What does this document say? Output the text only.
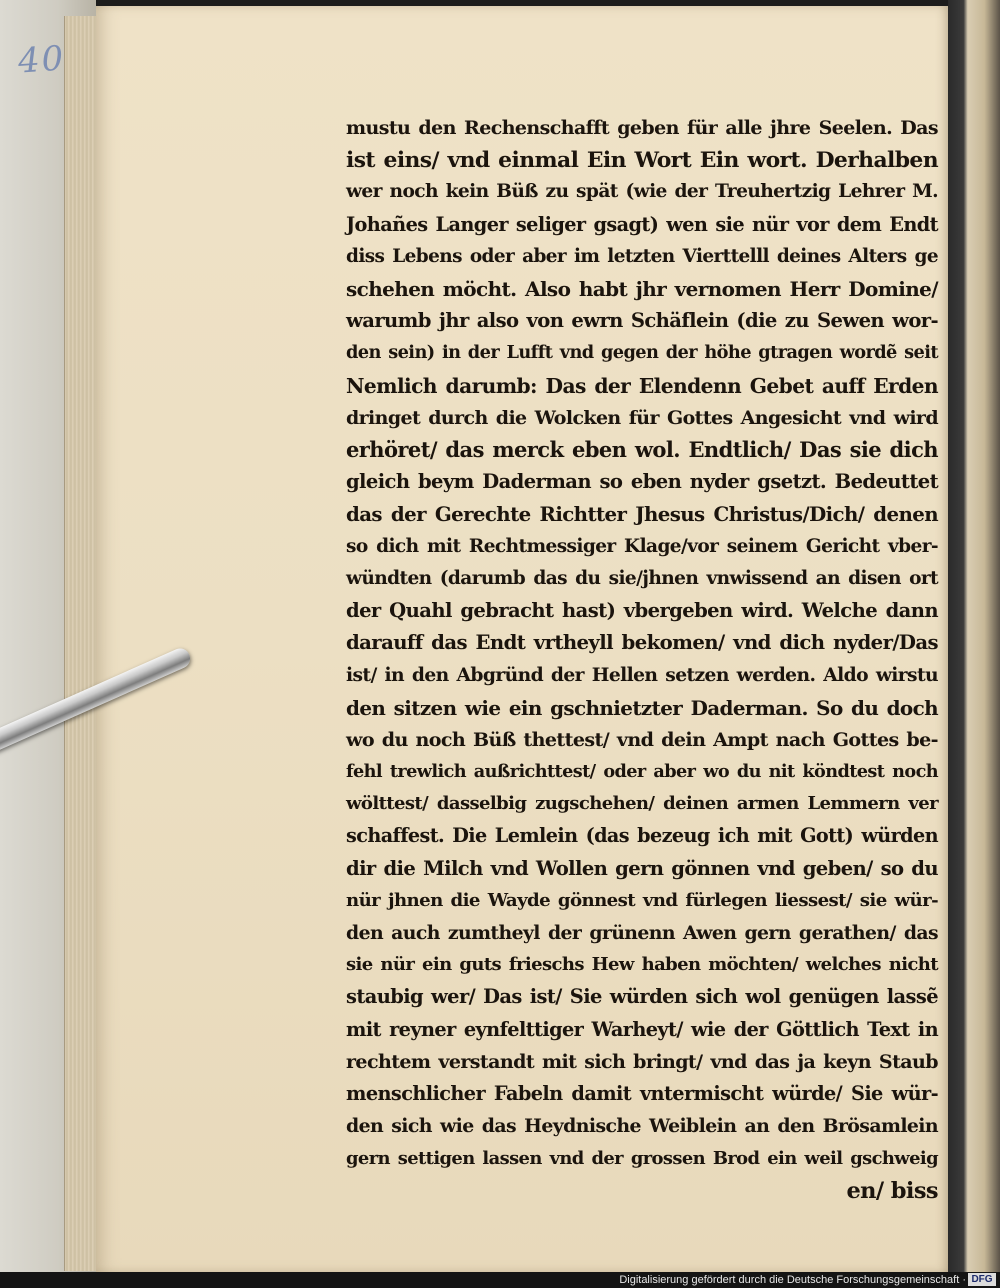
40
mustu den Rechenschafft geben für alle jhre Seelen. Das
ist eins/ vnd einmal Ein Wort Ein wort. Derhalben
wer noch kein Büß zu spät (wie der Treuhertzig Lehrer M.
Johañes Langer seliger gsagt) wen sie nür vor dem Endt
diss Lebens oder aber im letzten Vierttelll deines Alters ge
schehen möcht. Also habt jhr vernomen Herr Domine/
warumb jhr also von ewrn Schäflein (die zu Sewen wor-
den sein) in der Lufft vnd gegen der höhe gtragen wordẽ seit
Nemlich darumb: Das der Elendenn Gebet auff Erden
dringet durch die Wolcken für Gottes Angesicht vnd wird
erhöret/ das merck eben wol. Endtlich/ Das sie dich
gleich beym Daderman so eben nyder gsetzt. Bedeuttet
das der Gerechte Richtter Jhesus Christus/Dich/ denen
so dich mit Rechtmessiger Klage/vor seinem Gericht vber-
wündten (darumb das du sie/jhnen vnwissend an disen ort
der Quahl gebracht hast) vbergeben wird. Welche dann
darauff das Endt vrtheyll bekomen/ vnd dich nyder/Das
ist/ in den Abgründ der Hellen setzen werden. Aldo wirstu
den sitzen wie ein gschnietzter Daderman. So du doch
wo du noch Büß thettest/ vnd dein Ampt nach Gottes be-
fehl trewlich außrichttest/ oder aber wo du nit köndtest noch
wölttest/ dasselbig zugschehen/ deinen armen Lemmern ver
schaffest. Die Lemlein (das bezeug ich mit Gott) würden
dir die Milch vnd Wollen gern gönnen vnd geben/ so du
nür jhnen die Wayde gönnest vnd fürlegen liessest/ sie wür-
den auch zumtheyl der grünenn Awen gern gerathen/ das
sie nür ein guts frieschs Hew haben möchten/ welches nicht
staubig wer/ Das ist/ Sie würden sich wol genügen lassẽ
mit reyner eynfelttiger Warheyt/ wie der Göttlich Text in
rechtem verstandt mit sich bringt/ vnd das ja keyn Staub
menschlicher Fabeln damit vntermischt würde/ Sie wür-
den sich wie das Heydnische Weiblein an den Brösamlein
gern settigen lassen vnd der grossen Brod ein weil gschweig
en/ biss
Digitalisierung gefördert durch die Deutsche Forschungsgemeinschaft · DFG
